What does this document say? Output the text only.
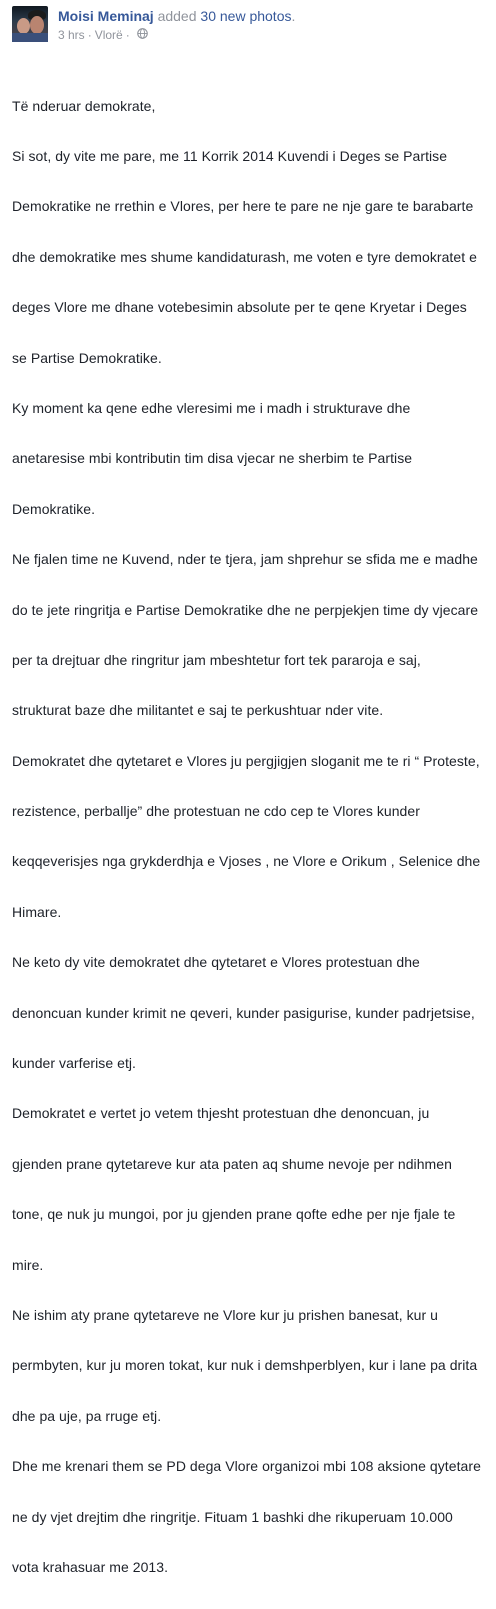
Moisi Meminaj added 30 new photos.
3 hrs · Vlorë ·

Të nderuar demokrate,

Si sot, dy vite me pare, me 11 Korrik 2014 Kuvendi i Deges se Partise

Demokratike ne rrethin e Vlores, per here te pare ne nje gare te barabarte

dhe demokratike mes shume kandidaturash, me voten e tyre demokratet e

deges Vlore me dhane votebesimin absolute per te qene Kryetar i Deges

se Partise Demokratike.

Ky moment ka qene edhe vleresimi me i madh i strukturave dhe

anetaresise mbi kontributin tim disa vjecar ne sherbim te Partise

Demokratike.

Ne fjalen time ne Kuvend, nder te tjera, jam shprehur se sfida me e madhe

do te jete ringritja e Partise Demokratike dhe ne perpjekjen time dy vjecare

per ta drejtuar dhe ringritur jam mbeshtetur fort tek pararoja e saj,

strukturat baze dhe militantet e saj te perkushtuar nder vite.

Demokratet dhe qytetaret e Vlores ju pergjigjen sloganit me te ri “ Proteste,

rezistence, perballje” dhe protestuan ne cdo cep te Vlores kunder

keqqeverisjes nga grykderdhja e Vjoses , ne Vlore e Orikum , Selenice dhe

Himare.

Ne keto dy vite demokratet dhe qytetaret e Vlores protestuan dhe

denoncuan kunder krimit ne qeveri, kunder pasigurise, kunder padrjetsise,

kunder varferise etj.

Demokratet e vertet jo vetem thjesht protestuan dhe denoncuan, ju

gjenden prane qytetareve kur ata paten aq shume nevoje per ndihmen

tone, qe nuk ju mungoi, por ju gjenden prane qofte edhe per nje fjale te

mire.

Ne ishim aty prane qytetareve ne Vlore kur ju prishen banesat, kur u

permbyten, kur ju moren tokat, kur nuk i demshperblyen, kur i lane pa drita

dhe pa uje, pa rruge etj.

Dhe me krenari them se PD dega Vlore organizoi mbi 108 aksione qytetare

ne dy vjet drejtim dhe ringritje. Fituam 1 bashki dhe rikuperuam 10.000

vota krahasuar me 2013.
